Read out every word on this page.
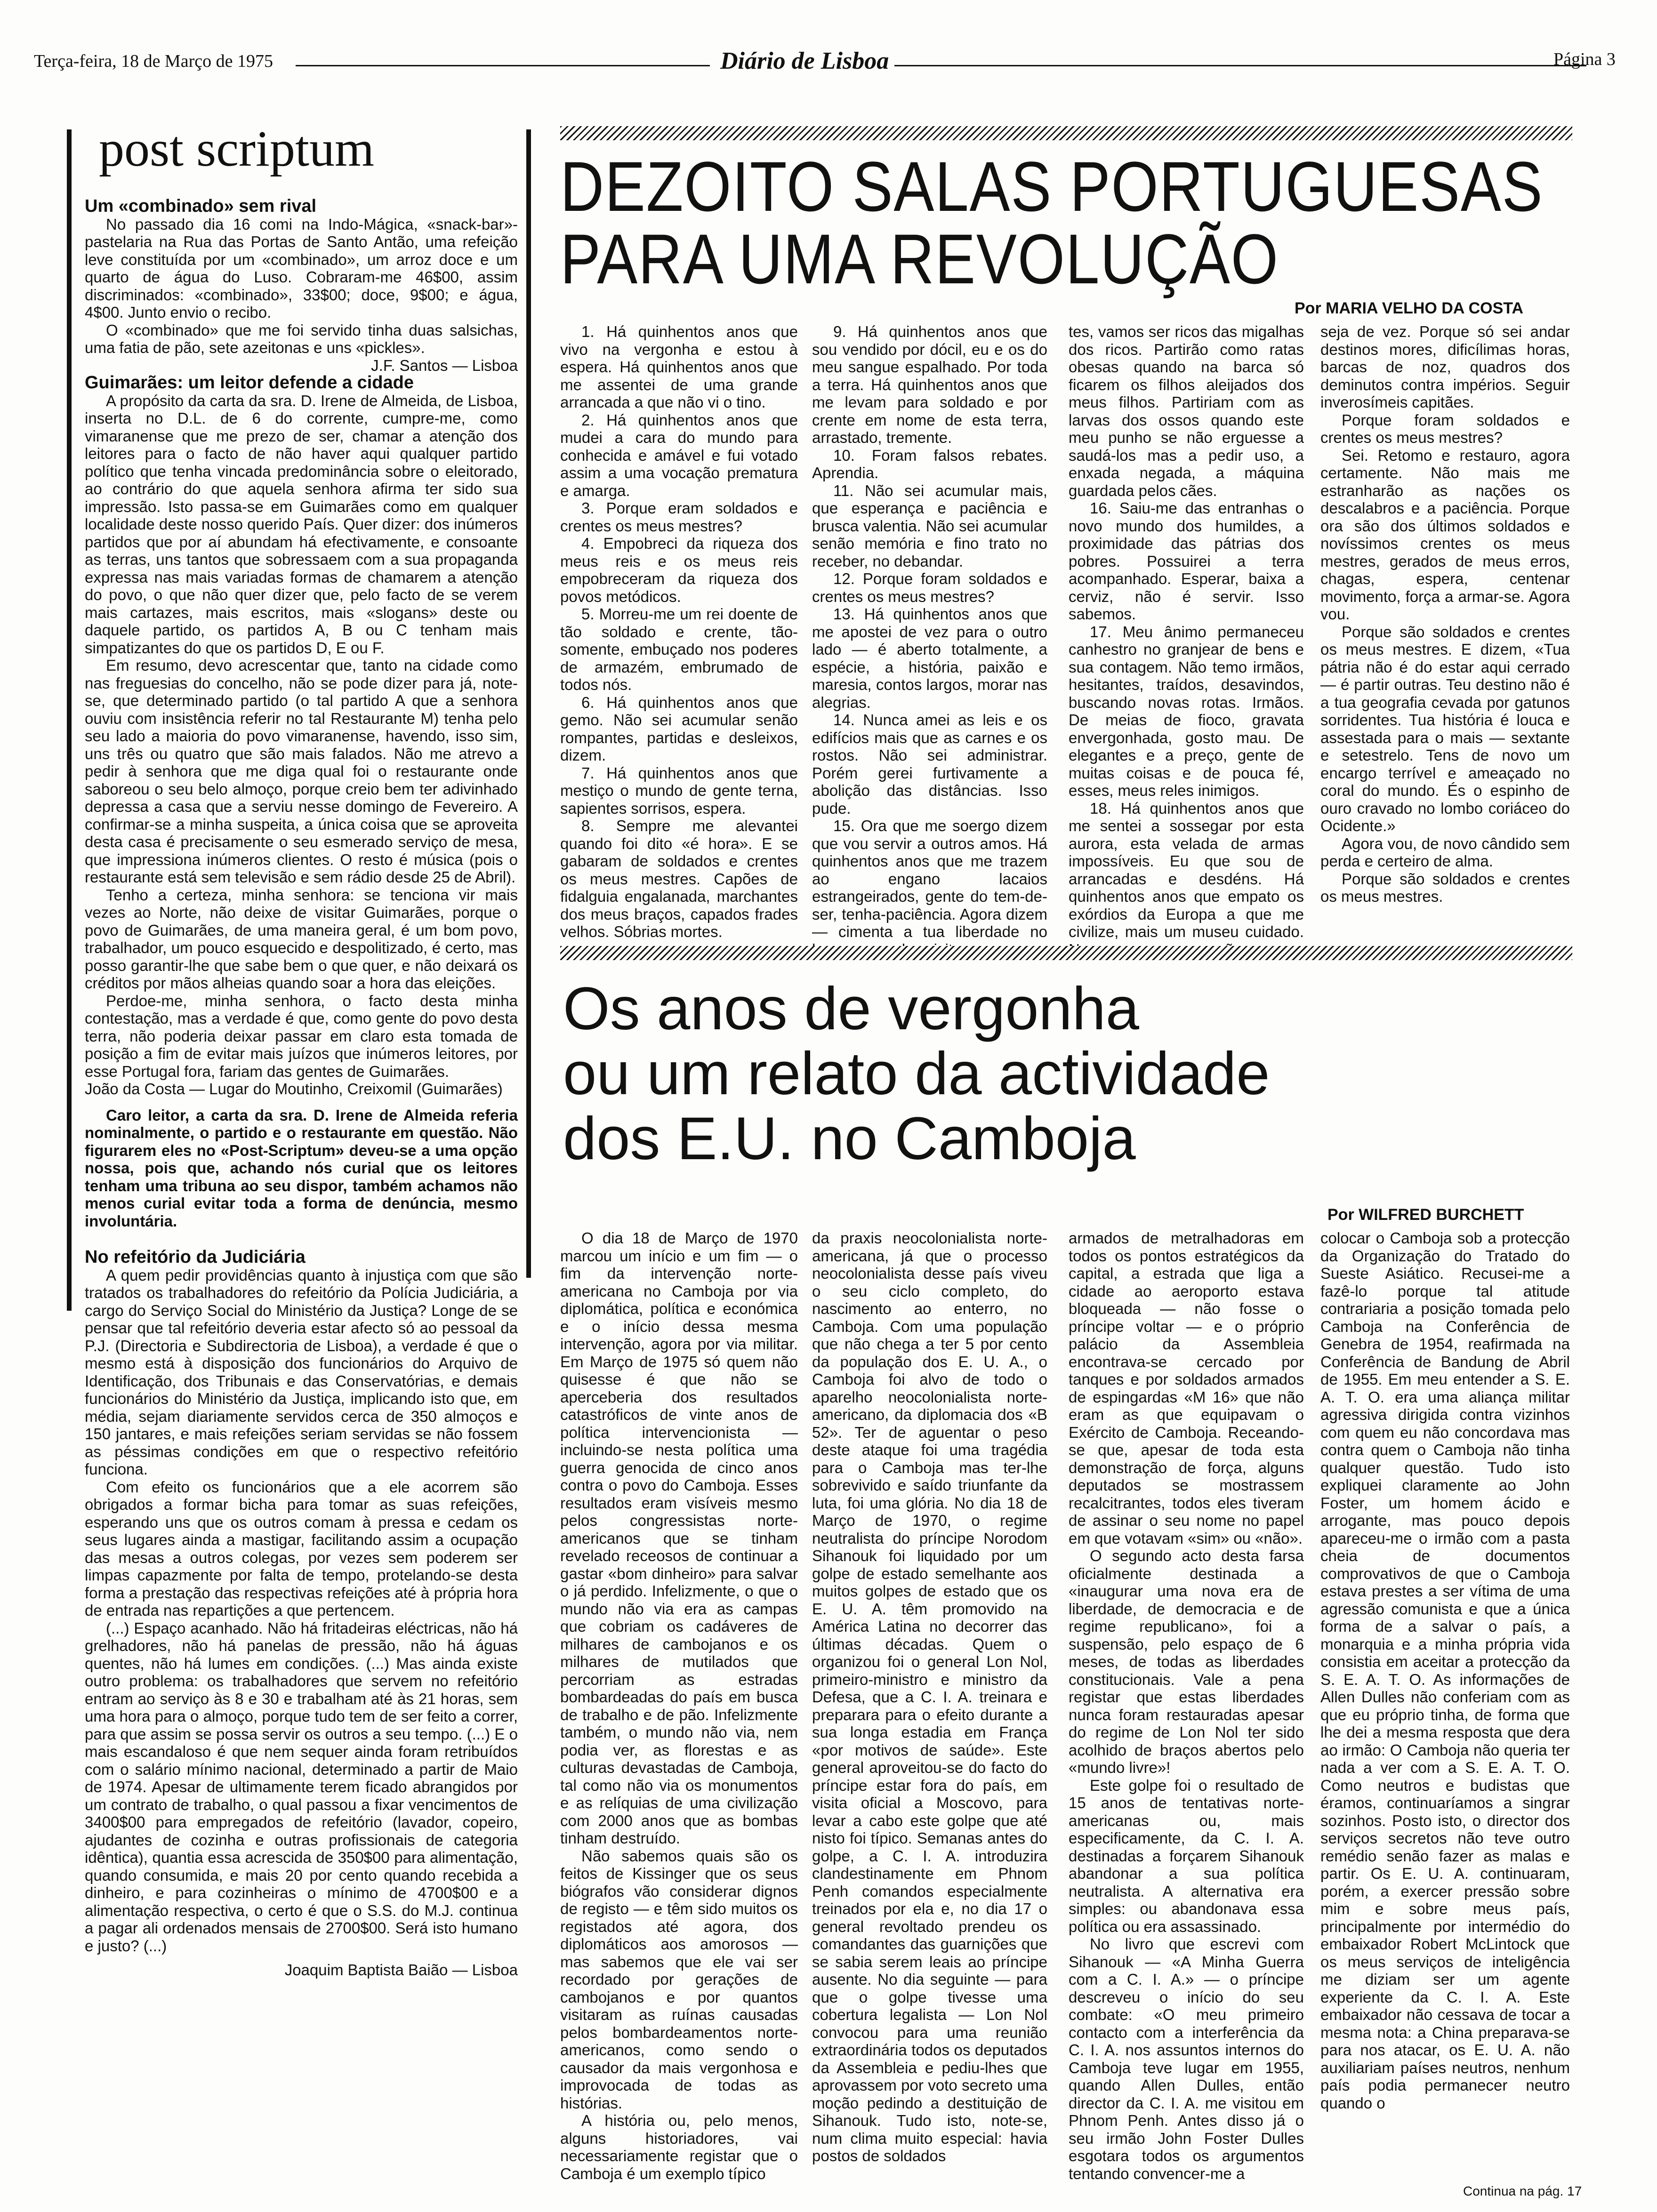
Terça-feira, 18 de Março de 1975	Diário de Lisboa	Página 3
post scriptum

Um «combinado» sem rival

No passado dia 16 comi na Indo-Mágica, «snack-bar»-pastelaria na Rua das Portas de Santo Antão, uma refeição leve constituída por um «combinado», um arroz doce e um quarto de água do Luso. Cobraram-me 46$00, assim discriminados: «combinado», 33$00; doce, 9$00; e água, 4$00. Junto envio o recibo.

O «combinado» que me foi servido tinha duas salsichas, uma fatia de pão, sete azeitonas e uns «pickles».

J.F. Santos — Lisboa

Guimarães: um leitor defende a cidade

A propósito da carta da sra. D. Irene de Almeida, de Lisboa, inserta no D.L. de 6 do corrente, cumpre-me, como vimaranense que me prezo de ser, chamar a atenção dos leitores para o facto de não haver aqui qualquer partido político que tenha vincada predominância sobre o eleitorado, ao contrário do que aquela senhora afirma ter sido sua impressão. Isto passa-se em Guimarães como em qualquer localidade deste nosso querido País. Quer dizer: dos inúmeros partidos que por aí abundam há efectivamente, e consoante as terras, uns tantos que sobressaem com a sua propaganda expressa nas mais variadas formas de chamarem a atenção do povo, o que não quer dizer que, pelo facto de se verem mais cartazes, mais escritos, mais «slogans» deste ou daquele partido, os partidos A, B ou C tenham mais simpatizantes do que os partidos D, E ou F.

Em resumo, devo acrescentar que, tanto na cidade como nas freguesias do concelho, não se pode dizer para já, note-se, que determinado partido (o tal partido A que a senhora ouviu com insistência referir no tal Restaurante M) tenha pelo seu lado a maioria do povo vimaranense, havendo, isso sim, uns três ou quatro que são mais falados. Não me atrevo a pedir à senhora que me diga qual foi o restaurante onde saboreou o seu belo almoço, porque creio bem ter adivinhado depressa a casa que a serviu nesse domingo de Fevereiro. A confirmar-se a minha suspeita, a única coisa que se aproveita desta casa é precisamente o seu esmerado serviço de mesa, que impressiona inúmeros clientes. O resto é música (pois o restaurante está sem televisão e sem rádio desde 25 de Abril).

Tenho a certeza, minha senhora: se tenciona vir mais vezes ao Norte, não deixe de visitar Guimarães, porque o povo de Guimarães, de uma maneira geral, é um bom povo, trabalhador, um pouco esquecido e despolitizado, é certo, mas posso garantir-lhe que sabe bem o que quer, e não deixará os créditos por mãos alheias quando soar a hora das eleições.

Perdoe-me, minha senhora, o facto desta minha contestação, mas a verdade é que, como gente do povo desta terra, não poderia deixar passar em claro esta tomada de posição a fim de evitar mais juízos que inúmeros leitores, por esse Portugal fora, fariam das gentes de Guimarães.

João da Costa — Lugar do Moutinho, Creixomil (Guimarães)

Caro leitor, a carta da sra. D. Irene de Almeida referia nominalmente, o partido e o restaurante em questão. Não figurarem eles no «Post-Scriptum» deveu-se a uma opção nossa, pois que, achando nós curial que os leitores tenham uma tribuna ao seu dispor, também achamos não menos curial evitar toda a forma de denúncia, mesmo involuntária.

No refeitório da Judiciária

A quem pedir providências quanto à injustiça com que são tratados os trabalhadores do refeitório da Polícia Judiciária, a cargo do Serviço Social do Ministério da Justiça? Longe de se pensar que tal refeitório deveria estar afecto só ao pessoal da P.J. (Directoria e Subdirectoria de Lisboa), a verdade é que o mesmo está à disposição dos funcionários do Arquivo de Identificação, dos Tribunais e das Conservatórias, e demais funcionários do Ministério da Justiça, implicando isto que, em média, sejam diariamente servidos cerca de 350 almoços e 150 jantares, e mais refeições seriam servidas se não fossem as péssimas condições em que o respectivo refeitório funciona.

Com efeito os funcionários que a ele acorrem são obrigados a formar bicha para tomar as suas refeições, esperando uns que os outros comam à pressa e cedam os seus lugares ainda a mastigar, facilitando assim a ocupação das mesas a outros colegas, por vezes sem poderem ser limpas capazmente por falta de tempo, protelando-se desta forma a prestação das respectivas refeições até à própria hora de entrada nas repartições a que pertencem.

(...) Espaço acanhado. Não há fritadeiras eléctricas, não há grelhadores, não há panelas de pressão, não há águas quentes, não há lumes em condições. (...) Mas ainda existe outro problema: os trabalhadores que servem no refeitório entram ao serviço às 8 e 30 e trabalham até às 21 horas, sem uma hora para o almoço, porque tudo tem de ser feito a correr, para que assim se possa servir os outros a seu tempo. (...) E o mais escandaloso é que nem sequer ainda foram retribuídos com o salário mínimo nacional, determinado a partir de Maio de 1974. Apesar de ultimamente terem ficado abrangidos por um contrato de trabalho, o qual passou a fixar vencimentos de 3400$00 para empregados de refeitório (lavador, copeiro, ajudantes de cozinha e outras profissionais de categoria idêntica), quantia essa acrescida de 350$00 para alimentação, quando consumida, e mais 20 por cento quando recebida a dinheiro, e para cozinheiras o mínimo de 4700$00 e a alimentação respectiva, o certo é que o S.S. do M.J. continua a pagar ali ordenados mensais de 2700$00. Será isto humano e justo? (...)

Joaquim Baptista Baião — Lisboa

DEZOITO SALAS PORTUGUESAS
PARA UMA REVOLUÇÃO
Por MARIA VELHO DA COSTA

1. Há quinhentos anos que vivo na vergonha e estou à espera. Há quinhentos anos que me assentei de uma grande arrancada a que não vi o tino.

2. Há quinhentos anos que mudei a cara do mundo para conhecida e amável e fui votado assim a uma vocação prematura e amarga.

3. Porque eram soldados e crentes os meus mestres?

4. Empobreci da riqueza dos meus reis e os meus reis empobreceram da riqueza dos povos metódicos.

5. Morreu-me um rei doente de tão soldado e crente, tão-somente, embuçado nos poderes de armazém, embrumado de todos nós.

6. Há quinhentos anos que gemo. Não sei acumular senão rompantes, partidas e desleixos, dizem.

7. Há quinhentos anos que mestiço o mundo de gente terna, sapientes sorrisos, espera.

8. Sempre me alevantei quando foi dito «é hora». E se gabaram de soldados e crentes os meus mestres. Capões de fidalguia engalanada, marchantes dos meus braços, capados frades velhos. Sóbrias mortes.

9. Há quinhentos anos que sou vendido por dócil, eu e os do meu sangue espalhado. Por toda a terra. Há quinhentos anos que me levam para soldado e por crente em nome de esta terra, arrastado, tremente.

10. Foram falsos rebates. Aprendia.

11. Não sei acumular mais, que esperança e paciência e brusca valentia. Não sei acumular senão memória e fino trato no receber, no debandar.

12. Porque foram soldados e crentes os meus mestres?

13. Há quinhentos anos que me apostei de vez para o outro lado — é aberto totalmente, a espécie, a história, paixão e maresia, contos largos, morar nas alegrias.

14. Nunca amei as leis e os edifícios mais que as carnes e os rostos. Não sei administrar. Porém gerei furtivamente a abolição das distâncias. Isso pude.

15. Ora que me soergo dizem que vou servir a outros amos. Há quinhentos anos que me trazem ao engano lacaios estrangeirados, gente do tem-de-ser, tenha-paciência. Agora dizem — cimenta a tua liberdade no

tes, vamos ser ricos das migalhas dos ricos. Partirão como ratas obesas quando na barca só ficarem os filhos aleijados dos meus filhos. Partiriam com as larvas dos ossos quando este meu punho se não erguesse a saudá-los mas a pedir uso, a enxada negada, a máquina guardada pelos cães.

16. Saiu-me das entranhas o novo mundo dos humildes, a proximidade das pátrias dos pobres. Possuirei a terra acompanhado. Esperar, baixa a cerviz, não é servir. Isso sabemos.

17. Meu ânimo permaneceu canhestro no granjear de bens e sua contagem. Não temo irmãos, hesitantes, traídos, desavindos, buscando novas rotas. Irmãos. De meias de fioco, gravata envergonhada, gosto mau. De elegantes e a preço, gente de muitas coisas e de pouca fé, esses, meus reles inimigos.

18. Há quinhentos anos que me sentei a sossegar por esta aurora, esta velada de armas impossíveis. Eu que sou de arrancadas e desdéns. Há quinhentos anos que empato os exórdios da Europa a que me civilize, mais um museu cuidado.

seja de vez. Porque só sei andar destinos mores, dificílimas horas, barcas de noz, quadros dos deminutos contra impérios. Seguir inverosímeis capitães.

Porque foram soldados e crentes os meus mestres?

Sei. Retomo e restauro, agora certamente. Não mais me estranharão as nações os descalabros e a paciência. Porque ora são dos últimos soldados e novíssimos crentes os meus mestres, gerados de meus erros, chagas, espera, centenar movimento, força a armar-se. Agora vou.

Porque são soldados e crentes os meus mestres. E dizem, «Tua pátria não é do estar aqui cerrado — é partir outras. Teu destino não é a tua geografia cevada por gatunos sorridentes. Tua história é louca e assestada para o mais — sextante e setestrelo. Tens de novo um encargo terrível e ameaçado no coral do mundo. És o espinho de ouro cravado no lombo coriáceo do Ocidente.»

Agora vou, de novo cândido sem perda e certeiro de alma.

Porque são soldados e crentes os meus mestres.

Os anos de vergonha
ou um relato da actividade
dos E.U. no Camboja
Por WILFRED BURCHETT

O dia 18 de Março de 1970 marcou um início e um fim — o fim da intervenção norte-americana no Camboja por via diplomática, política e económica e o início dessa mesma intervenção, agora por via militar. Em Março de 1975 só quem não quisesse é que não se aperceberia dos resultados catastróficos de vinte anos de política intervencionista — incluindo-se nesta política uma guerra genocida de cinco anos contra o povo do Camboja. Esses resultados eram visíveis mesmo pelos congressistas norte-americanos que se tinham revelado receosos de continuar a gastar «bom dinheiro» para salvar o já perdido. Infelizmente, o que o mundo não via era as campas que cobriam os cadáveres de milhares de cambojanos e os milhares de mutilados que percorriam as estradas bombardeadas do país em busca de trabalho e de pão. Infelizmente também, o mundo não via, nem podia ver, as florestas e as culturas devastadas de Camboja, tal como não via os monumentos e as relíquias de uma civilização com 2000 anos que as bombas tinham destruído.

Não sabemos quais são os feitos de Kissinger que os seus biógrafos vão considerar dignos de registo — e têm sido muitos os registados até agora, dos diplomáticos aos amorosos — mas sabemos que ele vai ser recordado por gerações de cambojanos e por quantos visitaram as ruínas causadas pelos bombardeamentos norte-americanos, como sendo o causador da mais vergonhosa e improvocada de todas as histórias.

A história ou, pelo menos, alguns historiadores, vai necessariamente registar que o Camboja é um exemplo típico

da praxis neocolonialista norte-americana, já que o processo neocolonialista desse país viveu o seu ciclo completo, do nascimento ao enterro, no Camboja. Com uma população que não chega a ter 5 por cento da população dos E. U. A., o Camboja foi alvo de todo o aparelho neocolonialista norte-americano, da diplomacia dos «B 52». Ter de aguentar o peso deste ataque foi uma tragédia para o Camboja mas ter-lhe sobrevivido e saído triunfante da luta, foi uma glória. No dia 18 de Março de 1970, o regime neutralista do príncipe Norodom Sihanouk foi liquidado por um golpe de estado semelhante aos muitos golpes de estado que os E. U. A. têm promovido na América Latina no decorrer das últimas décadas. Quem o organizou foi o general Lon Nol, primeiro-ministro e ministro da Defesa, que a C. I. A. treinara e preparara para o efeito durante a sua longa estadia em França «por motivos de saúde». Este general aproveitou-se do facto do príncipe estar fora do país, em visita oficial a Moscovo, para levar a cabo este golpe que até nisto foi típico. Semanas antes do golpe, a C. I. A. introduzira clandestinamente em Phnom Penh comandos especialmente treinados por ela e, no dia 17 o general revoltado prendeu os comandantes das guarnições que se sabia serem leais ao príncipe ausente. No dia seguinte — para que o golpe tivesse uma cobertura legalista — Lon Nol convocou para uma reunião extraordinária todos os deputados da Assembleia e pediu-lhes que aprovassem por voto secreto uma moção pedindo a destituição de Sihanouk. Tudo isto, note-se, num clima muito especial: havia postos de soldados

armados de metralhadoras em todos os pontos estratégicos da capital, a estrada que liga a cidade ao aeroporto estava bloqueada — não fosse o príncipe voltar — e o próprio palácio da Assembleia encontrava-se cercado por tanques e por soldados armados de espingardas «M 16» que não eram as que equipavam o Exército de Camboja. Receando-se que, apesar de toda esta demonstração de força, alguns deputados se mostrassem recalcitrantes, todos eles tiveram de assinar o seu nome no papel em que votavam «sim» ou «não».

O segundo acto desta farsa oficialmente destinada a «inaugurar uma nova era de liberdade, de democracia e de regime republicano», foi a suspensão, pelo espaço de 6 meses, de todas as liberdades constitucionais. Vale a pena registar que estas liberdades nunca foram restauradas apesar do regime de Lon Nol ter sido acolhido de braços abertos pelo «mundo livre»!

Este golpe foi o resultado de 15 anos de tentativas norte-americanas ou, mais especificamente, da C. I. A. destinadas a forçarem Sihanouk abandonar a sua política neutralista. A alternativa era simples: ou abandonava essa política ou era assassinado.

No livro que escrevi com Sihanouk — «A Minha Guerra com a C. I. A.» — o príncipe descreveu o início do seu combate: «O meu primeiro contacto com a interferência da C. I. A. nos assuntos internos do Camboja teve lugar em 1955, quando Allen Dulles, então director da C. I. A. me visitou em Phnom Penh. Antes disso já o seu irmão John Foster Dulles esgotara todos os argumentos tentando convencer-me a

colocar o Camboja sob a protecção da Organização do Tratado do Sueste Asiático. Recusei-me a fazê-lo porque tal atitude contrariaria a posição tomada pelo Camboja na Conferência de Genebra de 1954, reafirmada na Conferência de Bandung de Abril de 1955. Em meu entender a S. E. A. T. O. era uma aliança militar agressiva dirigida contra vizinhos com quem eu não concordava mas contra quem o Camboja não tinha qualquer questão. Tudo isto expliquei claramente ao John Foster, um homem ácido e arrogante, mas pouco depois apareceu-me o irmão com a pasta cheia de documentos comprovativos de que o Camboja estava prestes a ser vítima de uma agressão comunista e que a única forma de a salvar o país, a monarquia e a minha própria vida consistia em aceitar a protecção da S. E. A. T. O. As informações de Allen Dulles não conferiam com as que eu próprio tinha, de forma que lhe dei a mesma resposta que dera ao irmão: O Camboja não queria ter nada a ver com a S. E. A. T. O. Como neutros e budistas que éramos, continuaríamos a singrar sozinhos. Posto isto, o director dos serviços secretos não teve outro remédio senão fazer as malas e partir. Os E. U. A. continuaram, porém, a exercer pressão sobre mim e sobre meus país, principalmente por intermédio do embaixador Robert McLintock que os meus serviços de inteligência me diziam ser um agente experiente da C. I. A. Este embaixador não cessava de tocar a mesma nota: a China preparava-se para nos atacar, os E. U. A. não auxiliariam países neutros, nenhum país podia permanecer neutro quando o

Continua na pág. 17
